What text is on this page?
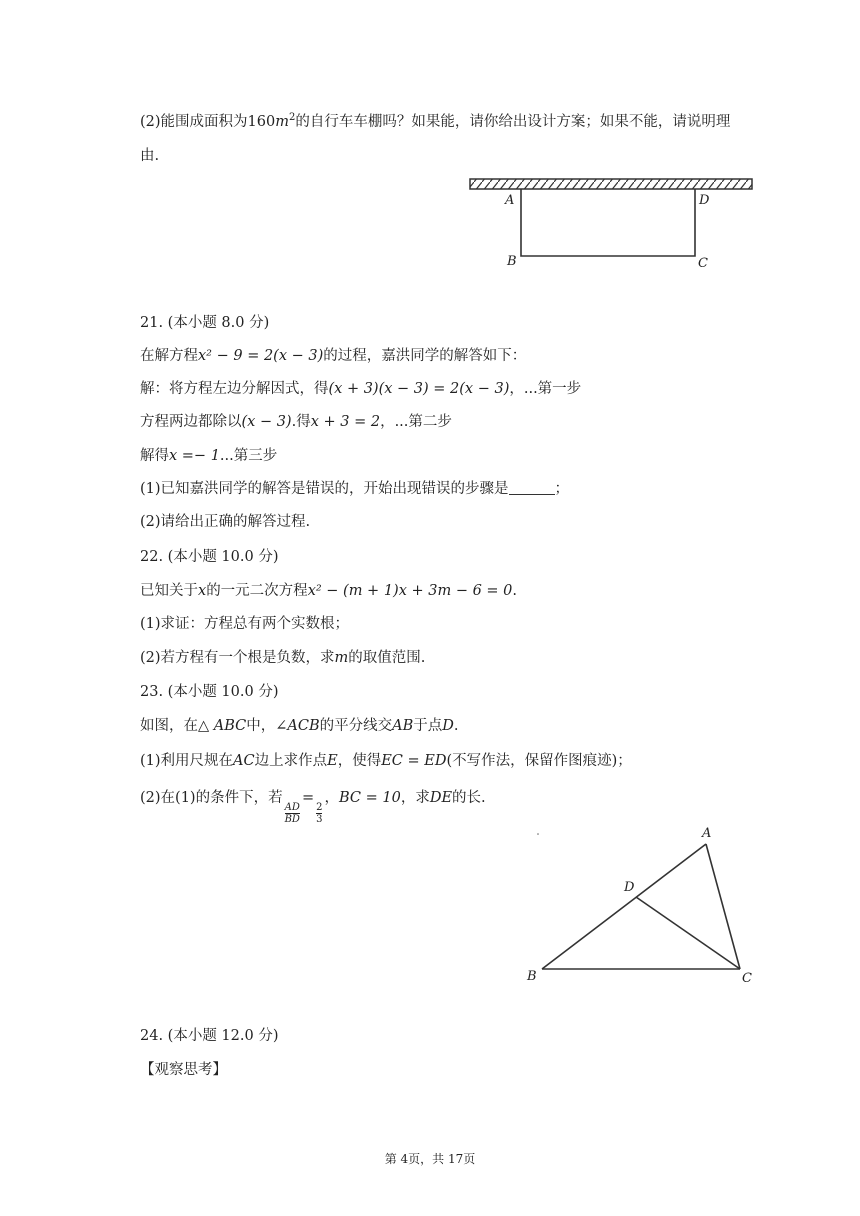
(2)能围成面积为$160m^2$的自行车车棚吗？如果能，请你给出设计方案；如果不能，请说明理
由.
A	D
B	C
21. (本小题 8.0 分)
在解方程x² − 9 = 2(x − 3)的过程，嘉洪同学的解答如下：
解：将方程左边分解因式，得(x + 3)(x − 3) = 2(x − 3)，...第一步
方程两边都除以(x − 3).得x + 3 = 2，...第二步
解得x =− 1...第三步
(1)已知嘉洪同学的解答是错误的，开始出现错误的步骤是	；
(2)请给出正确的解答过程.
22. (本小题 10.0 分)
已知关于x的一元二次方程x² − (m + 1)x + 3m − 6 = 0.
(1)求证：方程总有两个实数根；
(2)若方程有一个根是负数，求m的取值范围.
23. (本小题 10.0 分)
如图，在△ ABC中，∠ACB的平分线交AB于点D.
(1)利用尺规在AC边上求作点E，使得EC = ED(不写作法，保留作图痕迹)；
(2)在(1)的条件下，若
$\frac{AD}{BD}$
=
$\frac{2}{3}$
，BC = 10，求DE的长.
A
D
B	C
24. (本小题 12.0 分)
【观察思考】
第 4页，共 17页
